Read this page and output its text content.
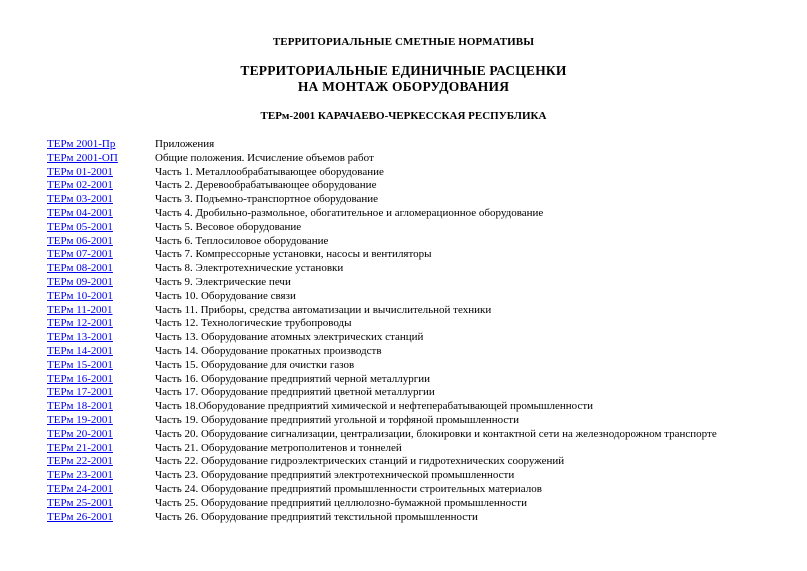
ТЕРРИТОРИАЛЬНЫЕ СМЕТНЫЕ НОРМАТИВЫ
ТЕРРИТОРИАЛЬНЫЕ ЕДИНИЧНЫЕ РАСЦЕНКИ
НА МОНТАЖ ОБОРУДОВАНИЯ
ТЕРм-2001 КАРАЧАЕВО-ЧЕРКЕССКАЯ РЕСПУБЛИКА
ТЕРм 2001-Пр	Приложения
ТЕРм 2001-ОП	Общие положения. Исчисление объемов работ
ТЕРм 01-2001	Часть 1. Металлообрабатывающее оборудование
ТЕРм 02-2001	Часть 2. Деревообрабатывающее оборудование
ТЕРм 03-2001	Часть 3. Подъемно-транспортное оборудование
ТЕРм 04-2001	Часть 4. Дробильно-размольное, обогатительное и агломерационное оборудование
ТЕРм 05-2001	Часть 5. Весовое оборудование
ТЕРм 06-2001	Часть 6. Теплосиловое оборудование
ТЕРм 07-2001	Часть 7. Компрессорные установки, насосы и вентиляторы
ТЕРм 08-2001	Часть 8. Электротехнические установки
ТЕРм 09-2001	Часть 9. Электрические печи
ТЕРм 10-2001	Часть 10. Оборудование связи
ТЕРм 11-2001	Часть 11. Приборы, средства автоматизации и вычислительной техники
ТЕРм 12-2001	Часть 12. Технологические трубопроводы
ТЕРм 13-2001	Часть 13. Оборудование атомных электрических станций
ТЕРм 14-2001	Часть 14. Оборудование прокатных производств
ТЕРм 15-2001	Часть 15. Оборудование для очистки газов
ТЕРм 16-2001	Часть 16. Оборудование предприятий черной металлургии
ТЕРм 17-2001	Часть 17. Оборудование предприятий цветной металлургии
ТЕРм 18-2001	Часть 18.Оборудование предприятий химической и нефтеперабатывающей промышленности
ТЕРм 19-2001	Часть 19. Оборудование предприятий угольной и торфяной промышленности
ТЕРм 20-2001	Часть 20. Оборудование сигнализации, централизации, блокировки и контактной сети на железнодорожном транспорте
ТЕРм 21-2001	Часть 21. Оборудование метрополитенов и тоннелей
ТЕРм 22-2001	Часть 22. Оборудование гидроэлектрических станций и гидротехнических сооружений
ТЕРм 23-2001	Часть 23. Оборудование предприятий электротехнической промышленности
ТЕРм 24-2001	Часть 24. Оборудование предприятий промышленности строительных материалов
ТЕРм 25-2001	Часть 25. Оборудование предприятий целлюлозно-бумажной промышленности
ТЕРм 26-2001	Часть 26. Оборудование предприятий текстильной промышленности
